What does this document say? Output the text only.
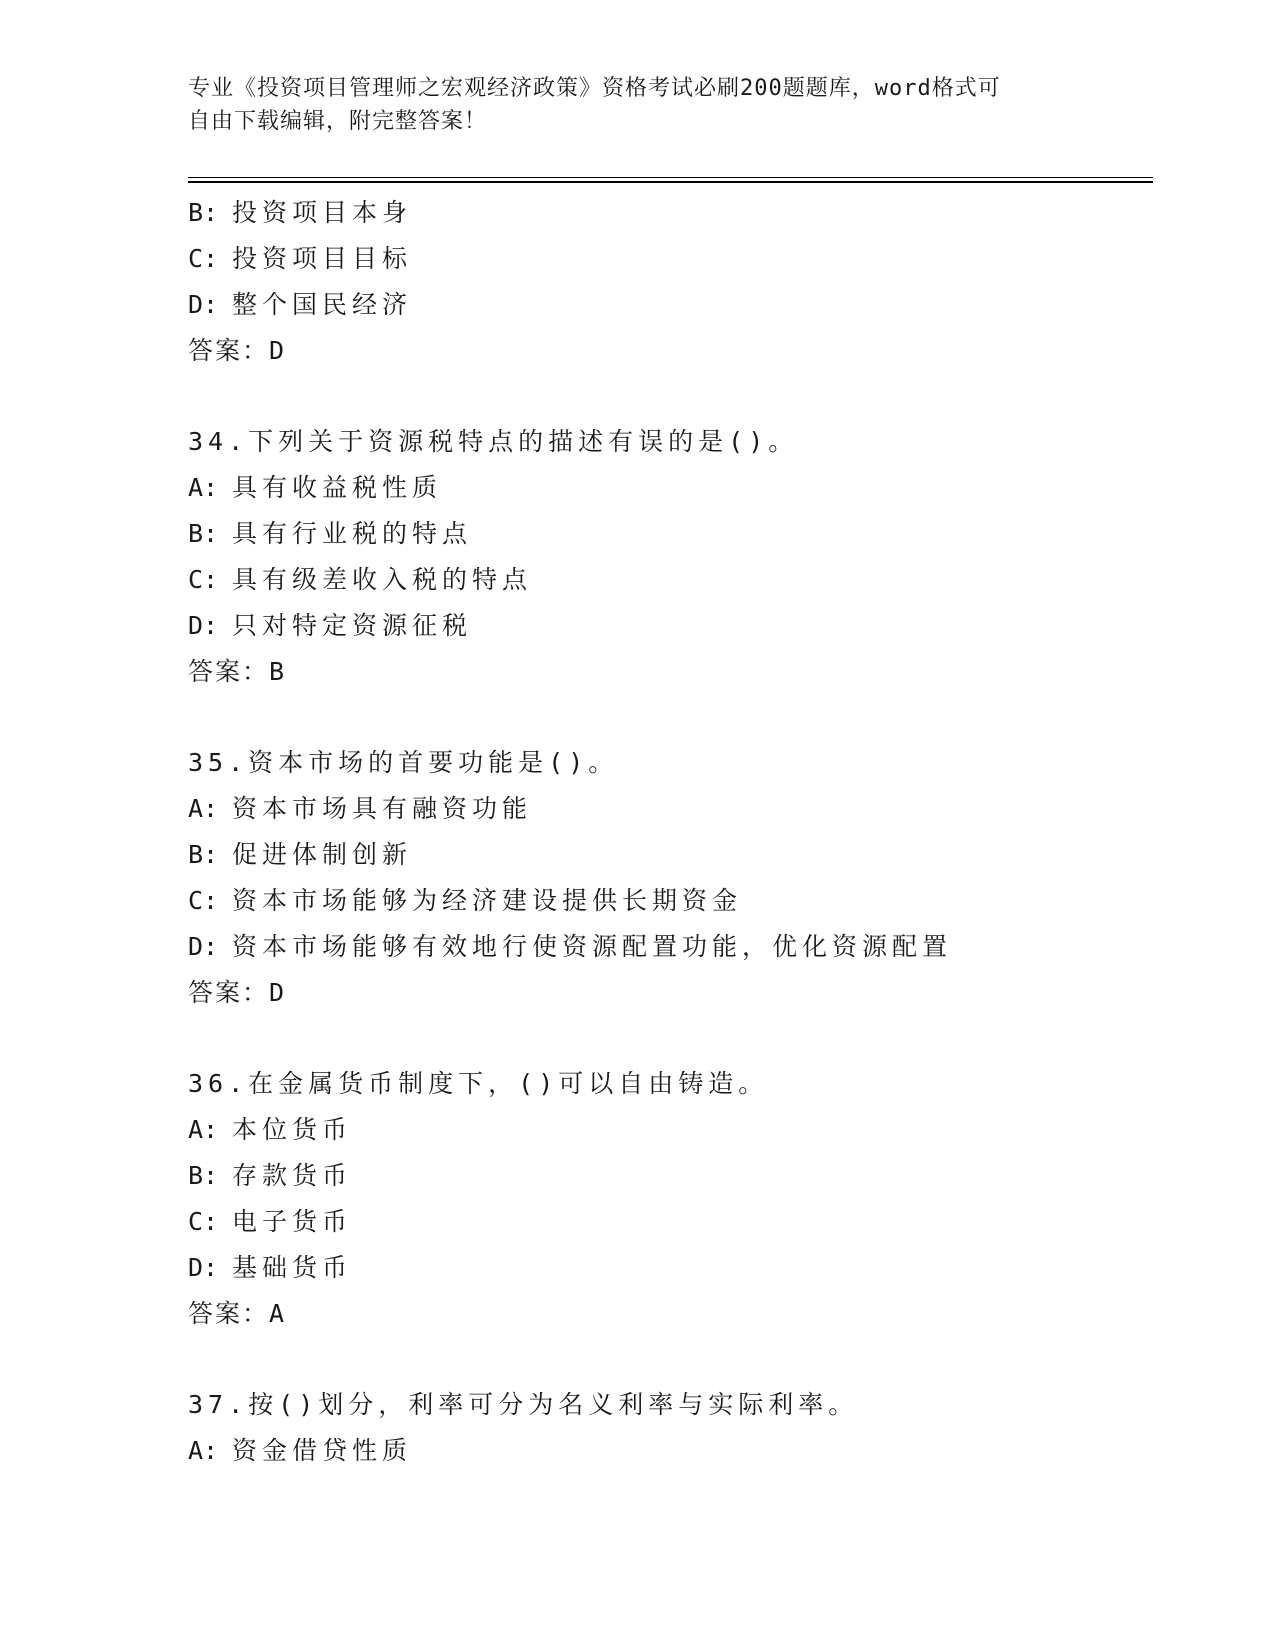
专业《投资项目管理师之宏观经济政策》资格考试必刷200题题库，word格式可
自由下载编辑，附完整答案！
B: 投资项目本身
C: 投资项目目标
D: 整个国民经济
答案：D
34.下列关于资源税特点的描述有误的是()。
A: 具有收益税性质
B: 具有行业税的特点
C: 具有级差收入税的特点
D: 只对特定资源征税
答案：B
35.资本市场的首要功能是()。
A: 资本市场具有融资功能
B: 促进体制创新
C: 资本市场能够为经济建设提供长期资金
D: 资本市场能够有效地行使资源配置功能，优化资源配置
答案：D
36.在金属货币制度下，()可以自由铸造。
A: 本位货币
B: 存款货币
C: 电子货币
D: 基础货币
答案：A
37.按()划分，利率可分为名义利率与实际利率。
A: 资金借贷性质
